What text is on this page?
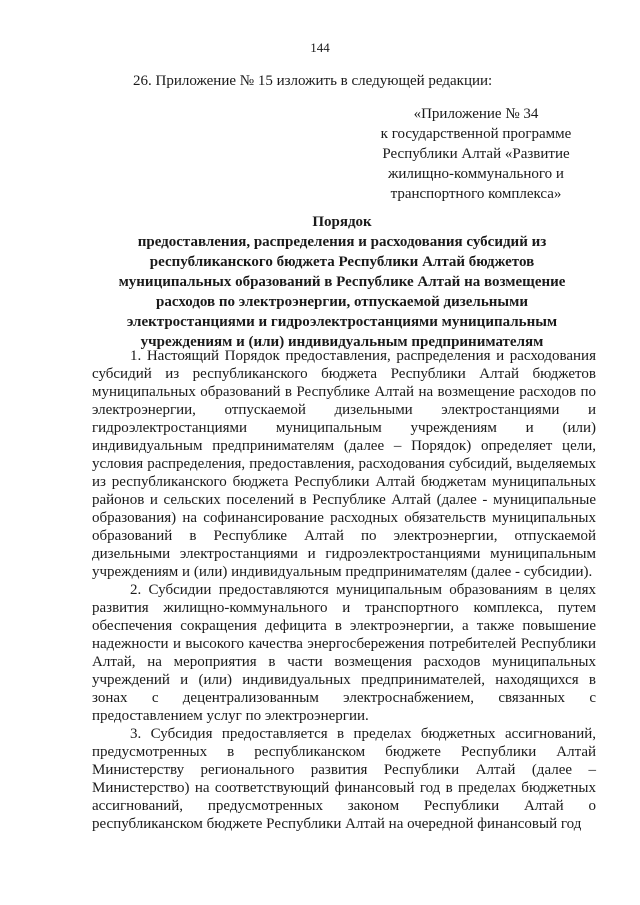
144
26. Приложение № 15 изложить в следующей редакции:
«Приложение № 34
к государственной программе
Республики Алтай «Развитие
жилищно-коммунального и
транспортного комплекса»
Порядок
предоставления, распределения и расходования субсидий из
республиканского бюджета Республики Алтай бюджетов
муниципальных образований в Республике Алтай на возмещение
расходов по электроэнергии, отпускаемой дизельными
электростанциями и гидроэлектростанциями муниципальным
учреждениям и (или) индивидуальным предпринимателям

1. Настоящий Порядок предоставления, распределения и расходования субсидий из республиканского бюджета Республики Алтай бюджетов муниципальных образований в Республике Алтай на возмещение расходов по электроэнергии, отпускаемой дизельными электростанциями и гидроэлектростанциями муниципальным учреждениям и (или) индивидуальным предпринимателям (далее – Порядок) определяет цели, условия распределения, предоставления, расходования субсидий, выделяемых из республиканского бюджета Республики Алтай бюджетам муниципальных районов и сельских поселений в Республике Алтай (далее - муниципальные образования) на софинансирование расходных обязательств муниципальных образований в Республике Алтай по электроэнергии, отпускаемой дизельными электростанциями и гидроэлектростанциями муниципальным учреждениям и (или) индивидуальным предпринимателям (далее - субсидии).

2. Субсидии предоставляются муниципальным образованиям в целях развития жилищно-коммунального и транспортного комплекса, путем обеспечения сокращения дефицита в электроэнергии, а также повышение надежности и высокого качества энергосбережения потребителей Республики Алтай, на мероприятия в части возмещения расходов муниципальных учреждений и (или) индивидуальных предпринимателей, находящихся в зонах с децентрализованным электроснабжением, связанных с предоставлением услуг по электроэнергии.

3. Субсидия предоставляется в пределах бюджетных ассигнований, предусмотренных в республиканском бюджете Республики Алтай Министерству регионального развития Республики Алтай (далее – Министерство) на соответствующий финансовый год в пределах бюджетных ассигнований, предусмотренных законом Республики Алтай о республиканском бюджете Республики Алтай на очередной финансовый год
